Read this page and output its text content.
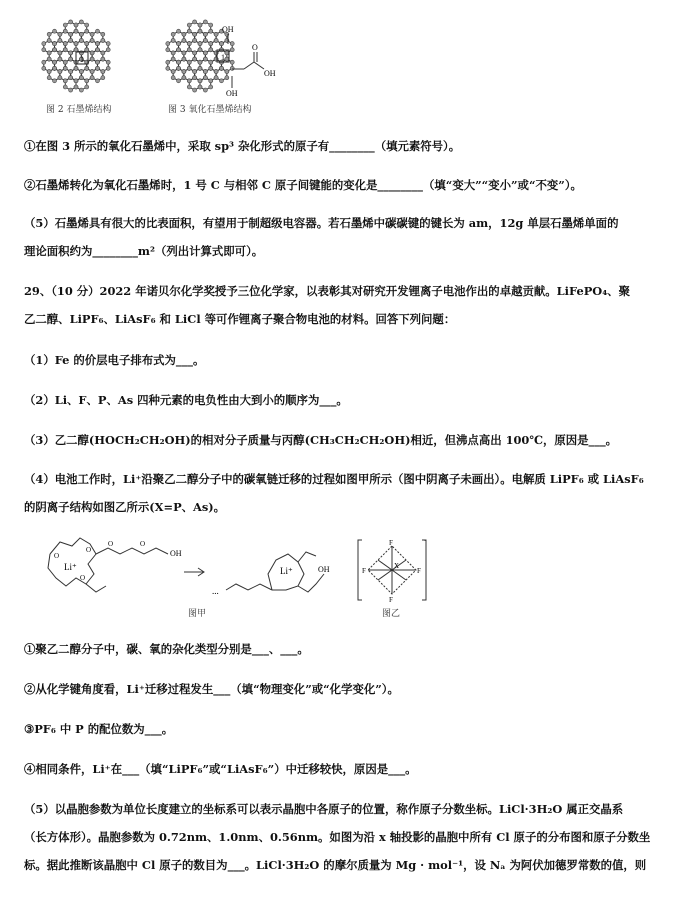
1
图 2 石墨烯结构
1
OH
O
OH
OH
图 3 氧化石墨烯结构
①在图 3 所示的氧化石墨烯中，采取 sp³ 杂化形式的原子有________（填元素符号）。
②石墨烯转化为氧化石墨烯时，1 号 C 与相邻 C 原子间键能的变化是________（填“变大”“变小”或“不变”）。
（5）石墨烯具有很大的比表面积，有望用于制超级电容器。若石墨烯中碳碳键的键长为 am，12g 单层石墨烯单面的
理论面积约为________m²（列出计算式即可）。
29、（10 分）2022 年诺贝尔化学奖授予三位化学家，以表彰其对研究开发锂离子电池作出的卓越贡献。LiFePO₄、聚
乙二醇、LiPF₆、LiAsF₆ 和 LiCl 等可作锂离子聚合物电池的材料。回答下列问题：
（1）Fe 的价层电子排布式为___。
（2）Li、F、P、As 四种元素的电负性由大到小的顺序为___。
（3）乙二醇(HOCH₂CH₂OH)的相对分子质量与丙醇(CH₃CH₂CH₂OH)相近，但沸点高出 100℃，原因是___。
（4）电池工作时，Li⁺沿聚乙二醇分子中的碳氧链迁移的过程如图甲所示（图中阴离子未画出）。电解质 LiPF₆ 或 LiAsF₆
的阴离子结构如图乙所示(X=P、As)。
Li⁺
O
O
O
O	O
OH
...
Li⁺	OH
图甲
-
F
F
F	F
X
图乙
①聚乙二醇分子中，碳、氧的杂化类型分别是___、___。
②从化学键角度看，Li⁺迁移过程发生___（填“物理变化”或“化学变化”）。
③PF₆ 中 P 的配位数为___。
④相同条件，Li⁺在___（填“LiPF₆”或“LiAsF₆”）中迁移较快，原因是___。
（5）以晶胞参数为单位长度建立的坐标系可以表示晶胞中各原子的位置，称作原子分数坐标。LiCl·3H₂O 属正交晶系
（长方体形）。晶胞参数为 0.72nm、1.0nm、0.56nm。如图为沿 x 轴投影的晶胞中所有 Cl 原子的分布图和原子分数坐
标。据此推断该晶胞中 Cl 原子的数目为___。LiCl·3H₂O 的摩尔质量为 Mg · mol⁻¹，设 Nₐ 为阿伏加德罗常数的值，则
